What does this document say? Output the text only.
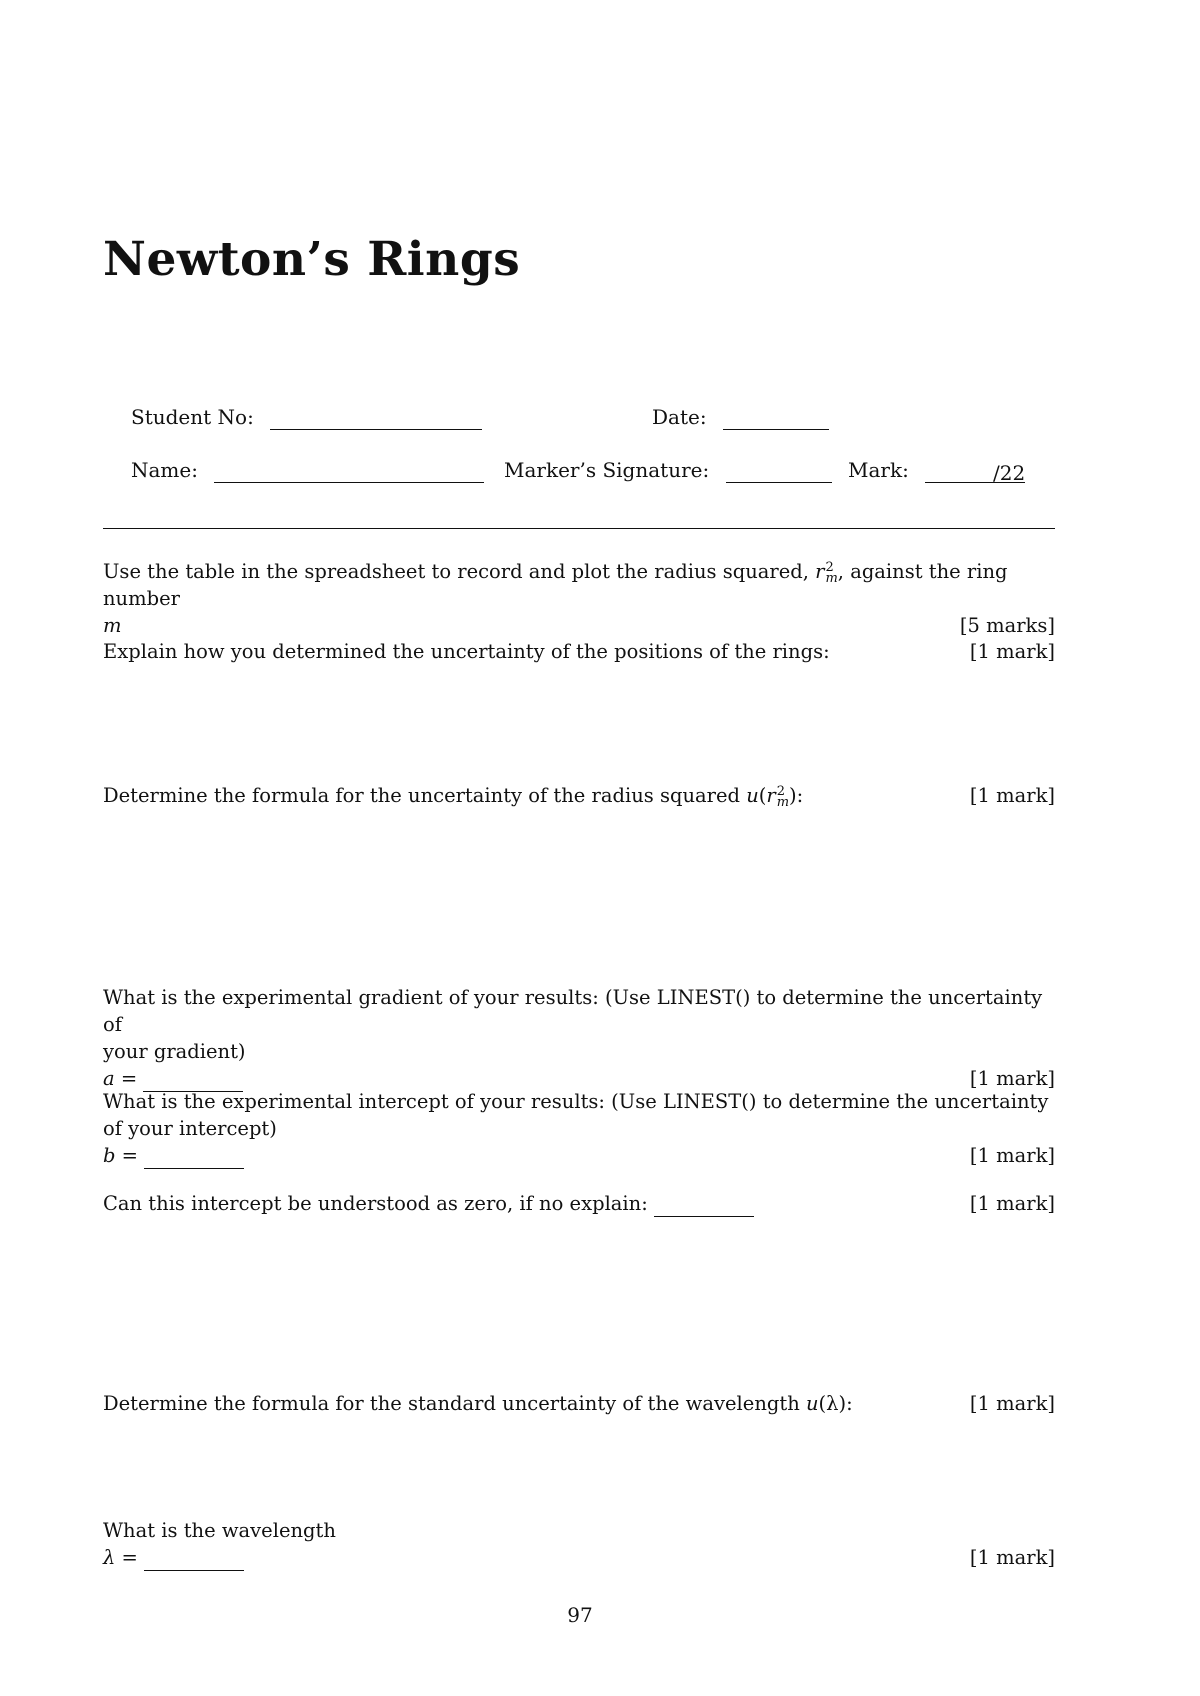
Newton’s Rings
Student No:	Date:
Name:	Marker’s Signature:	Mark:	/22
Use the table in the spreadsheet to record and plot the radius squared, r 2
m , against the ring number
m	[5 marks]
Explain how you determined the uncertainty of the positions of the rings:	[1 mark]
Determine the formula for the uncertainty of the radius squared u(r 2
m ):	[1 mark]
What is the experimental gradient of your results: (Use LINEST() to determine the uncertainty of
your gradient)
a =	[1 mark]
What is the experimental intercept of your results: (Use LINEST() to determine the uncertainty
of your intercept)
b =	[1 mark]
Can this intercept be understood as zero, if no explain:	[1 mark]
Determine the formula for the standard uncertainty of the wavelength u(λ):	[1 mark]
What is the wavelength
λ =	[1 mark]
97
